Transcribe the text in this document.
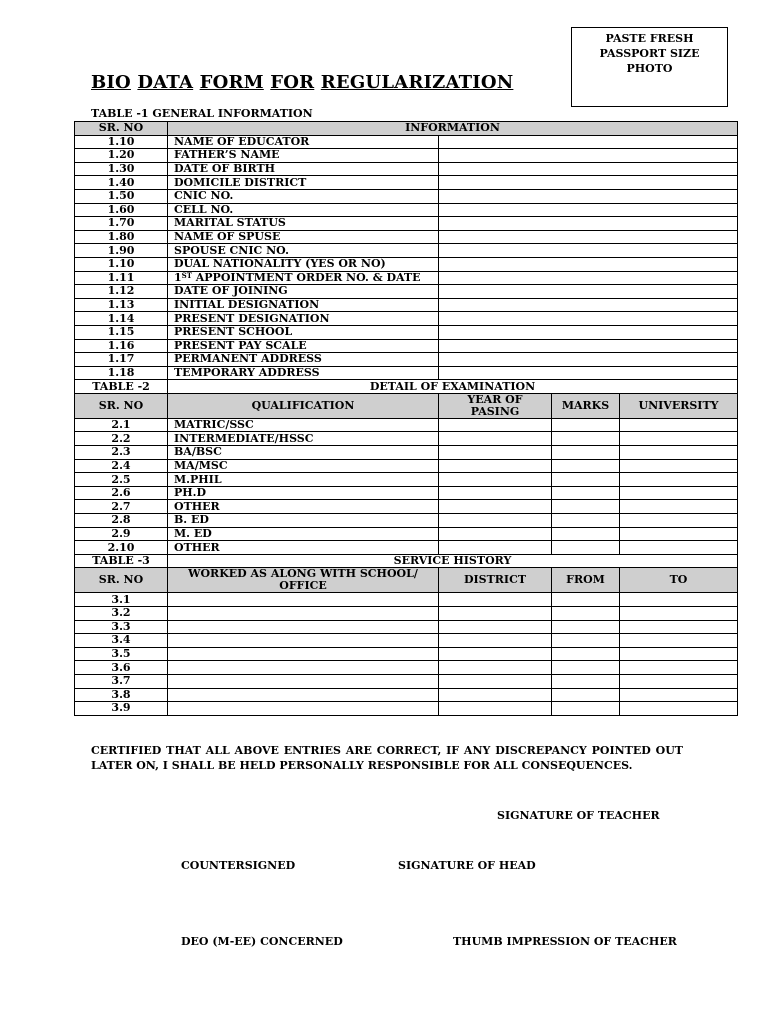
PASTE FRESH
PASSPORT SIZE
PHOTO
BIO DATA FORM FOR REGULARIZATION
TABLE -1 GENERAL INFORMATION
SR. NO	INFORMATION			
1.10	NAME OF EDUCATOR			
1.20	FATHER’S NAME			
1.30	DATE OF BIRTH			
1.40	DOMICILE DISTRICT			
1.50	CNIC NO.			
1.60	CELL NO.			
1.70	MARITAL STATUS			
1.80	NAME OF SPUSE			
1.90	SPOUSE CNIC NO.			
1.10	DUAL NATIONALITY (YES OR NO)			
1.11	1ST APPOINTMENT ORDER NO. & DATE			
1.12	DATE OF JOINING			
1.13	INITIAL DESIGNATION			
1.14	PRESENT DESIGNATION			
1.15	PRESENT SCHOOL			
1.16	PRESENT PAY SCALE			
1.17	PERMANENT ADDRESS			
1.18	TEMPORARY ADDRESS			
TABLE -2	DETAIL OF EXAMINATION			
SR. NO	QUALIFICATION	YEAR OF PASING	MARKS	UNIVERSITY
2.1	MATRIC/SSC			
2.2	INTERMEDIATE/HSSC			
2.3	BA/BSC			
2.4	MA/MSC			
2.5	M.PHIL			
2.6	PH.D			
2.7	OTHER			
2.8	B. ED			
2.9	M. ED			
2.10	OTHER			
TABLE -3	SERVICE HISTORY			
SR. NO	WORKED AS ALONG WITH SCHOOL/ OFFICE	DISTRICT	FROM	TO
3.1				
3.2				
3.3				
3.4				
3.5				
3.6				
3.7				
3.8				
3.9				
CERTIFIED THAT ALL ABOVE ENTRIES ARE CORRECT, IF ANY DISCREPANCY POINTED OUT LATER ON, I SHALL BE HELD PERSONALLY RESPONSIBLE FOR ALL CONSEQUENCES.
SIGNATURE OF TEACHER
COUNTERSIGNED	SIGNATURE OF HEAD
DEO (M-EE) CONCERNED	THUMB IMPRESSION OF TEACHER
